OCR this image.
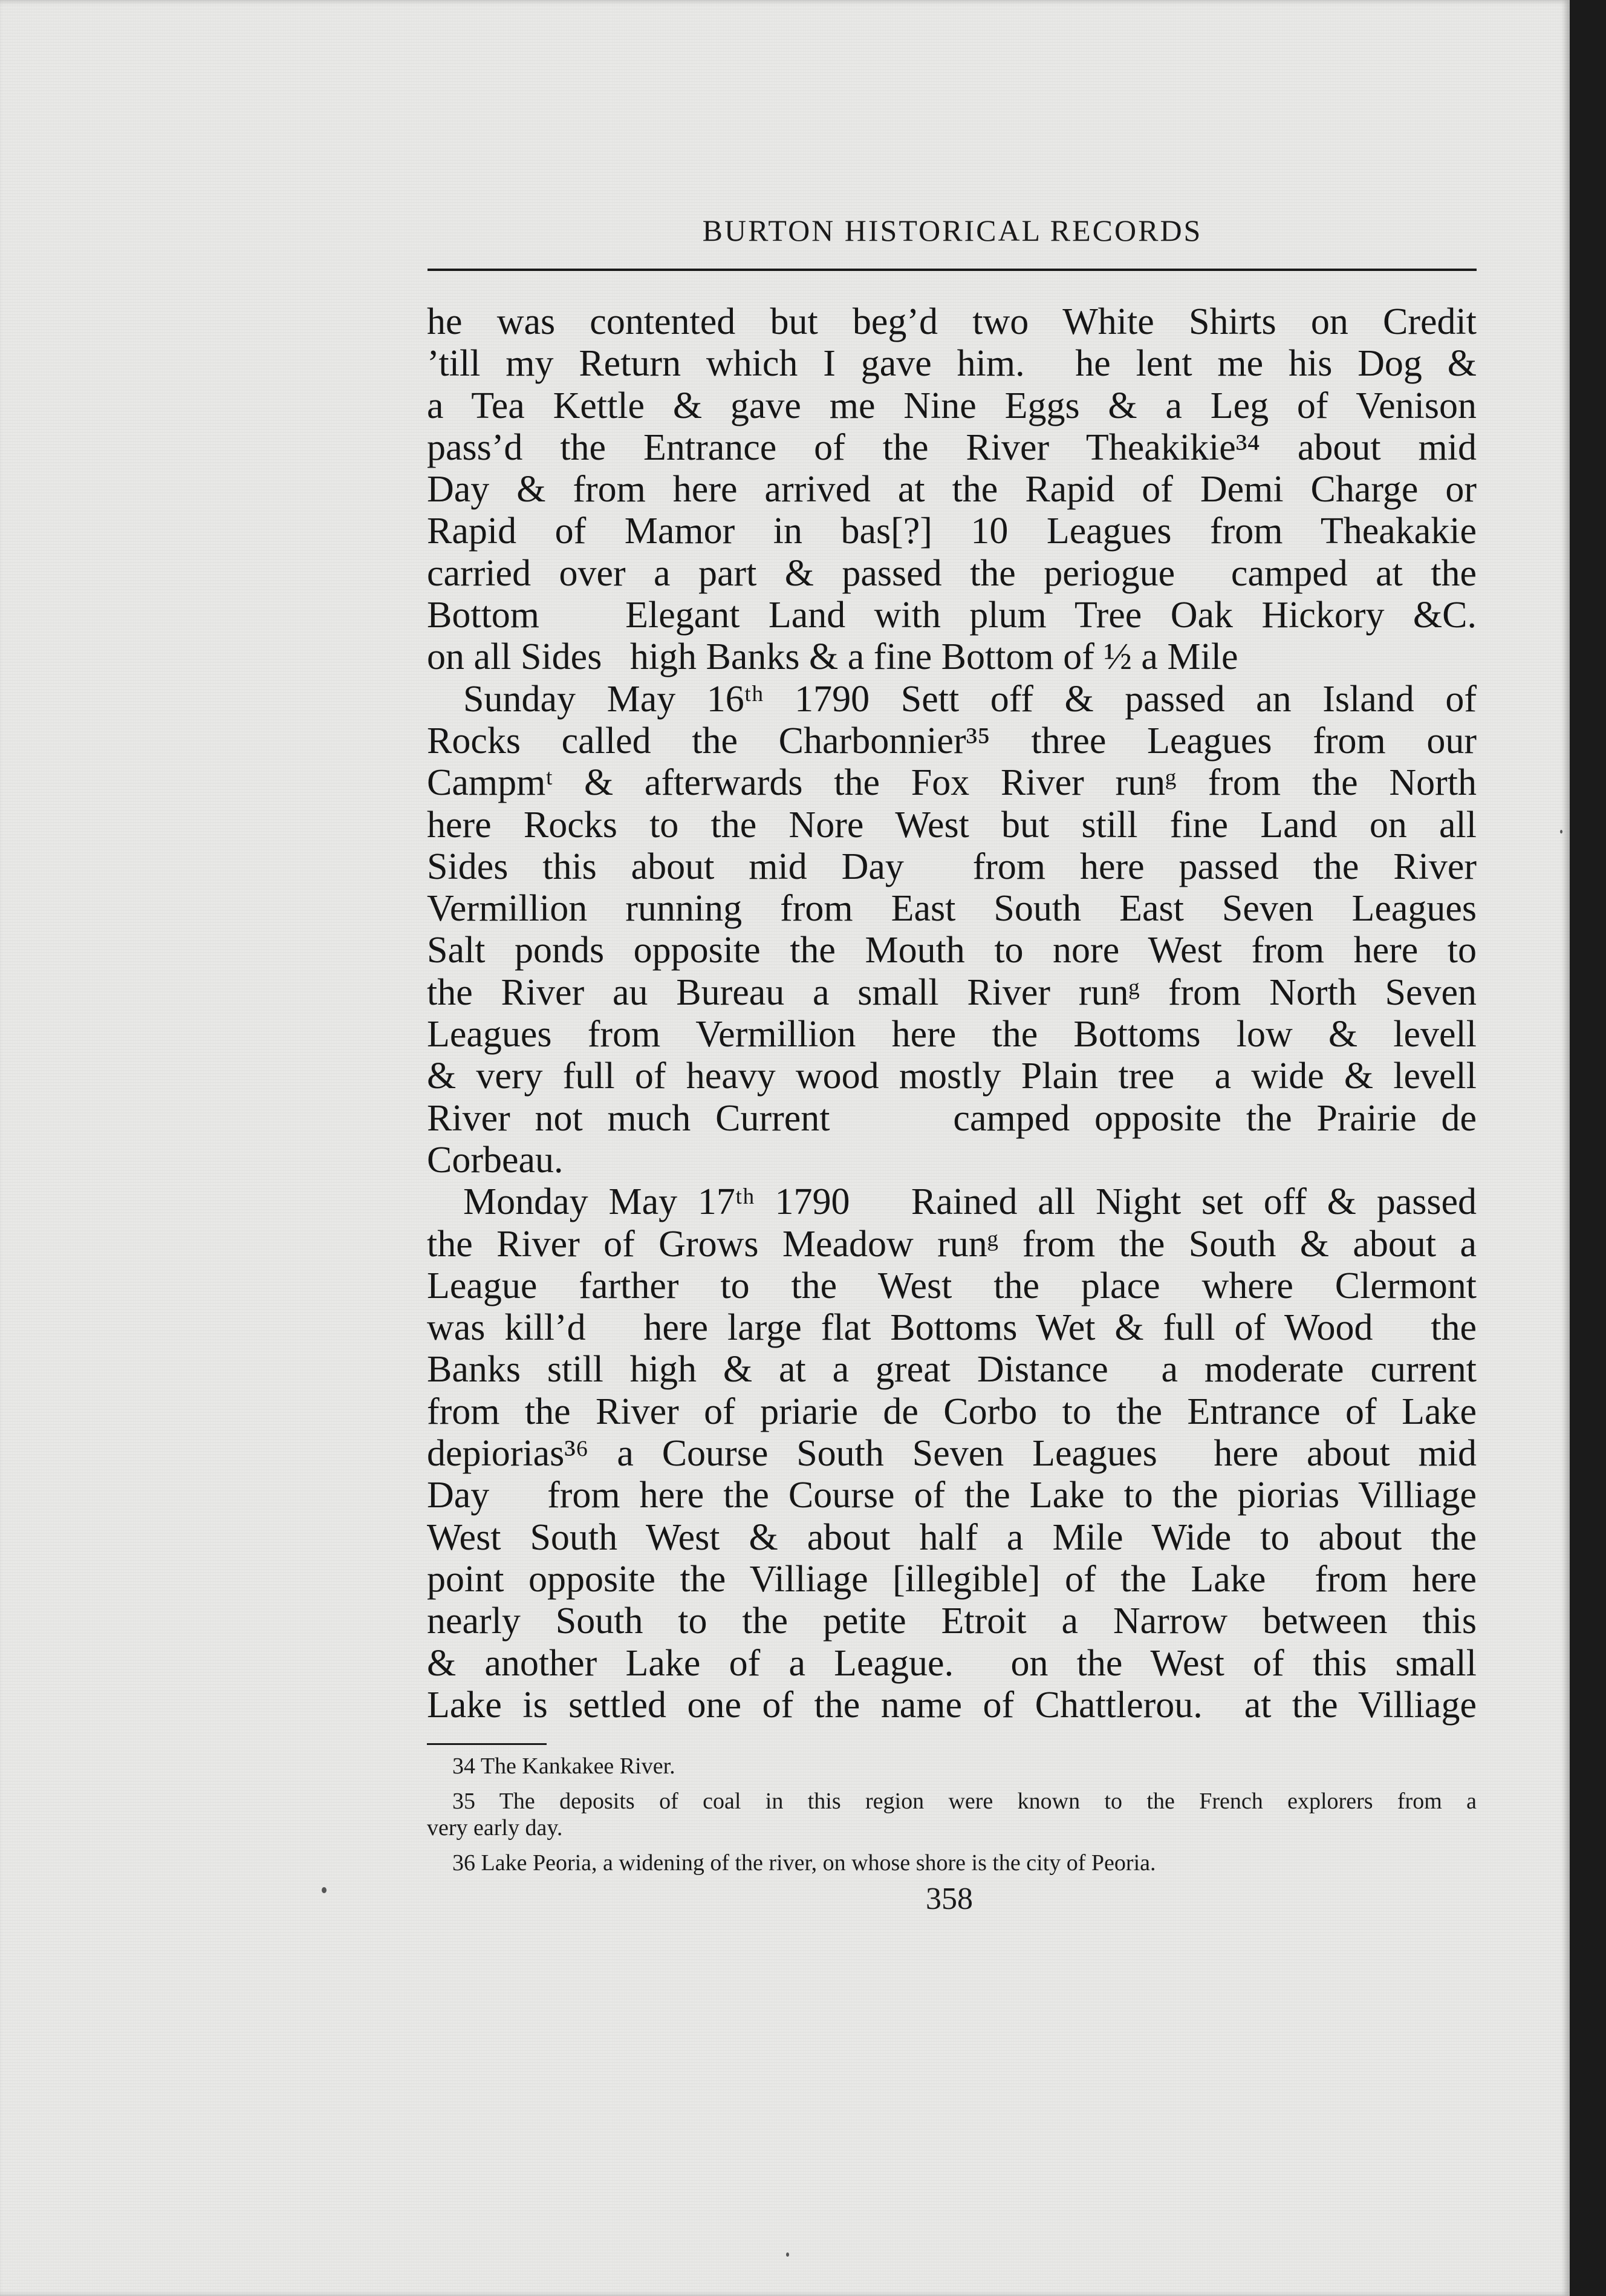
BURTON HISTORICAL RECORDS
he was contented but beg’d two White Shirts on Credit
’till my Return which I gave him.  he lent me his Dog &
a Tea Kettle & gave me Nine Eggs & a Leg of Venison
pass’d the Entrance of the River Theakikie³⁴ about mid
Day & from here arrived at the Rapid of Demi Charge or
Rapid of Mamor in bas[?] 10 Leagues from Theakakie
carried over a part & passed the periogue  camped at the
Bottom   Elegant Land with plum Tree Oak Hickory &C.
on all Sides   high Banks & a fine Bottom of ½ a Mile
Sunday May 16ᵗʰ 1790 Sett off & passed an Island of
Rocks called the Charbonnier³⁵ three Leagues from our
Campmᵗ & afterwards the Fox River runᵍ from the North
here Rocks to the Nore West but still fine Land on all
Sides this about mid Day  from here passed the River
Vermillion running from East South East Seven Leagues
Salt ponds opposite the Mouth to nore West from here to
the River au Bureau a small River runᵍ from North Seven
Leagues from Vermillion here the Bottoms low & levell
& very full of heavy wood mostly Plain tree  a wide & levell
River not much Current     camped opposite the Prairie de
Corbeau.
Monday May 17ᵗʰ 1790   Rained all Night set off & passed
the River of Grows Meadow runᵍ from the South & about a
League farther to the West the place where Clermont
was kill’d   here large flat Bottoms Wet & full of Wood   the
Banks still high & at a great Distance  a moderate current
from the River of priarie de Corbo to the Entrance of Lake
depiorias³⁶ a Course South Seven Leagues  here about mid
Day   from here the Course of the Lake to the piorias Villiage
West South West & about half a Mile Wide to about the
point opposite the Villiage [illegible] of the Lake  from here
nearly South to the petite Etroit a Narrow between this
& another Lake of a League.  on the West of this small
Lake is settled one of the name of Chattlerou.  at the Villiage
34 The Kankakee River.
35 The deposits of coal in this region were known to the French explorers from a
very early day.
36 Lake Peoria, a widening of the river, on whose shore is the city of Peoria.
358
